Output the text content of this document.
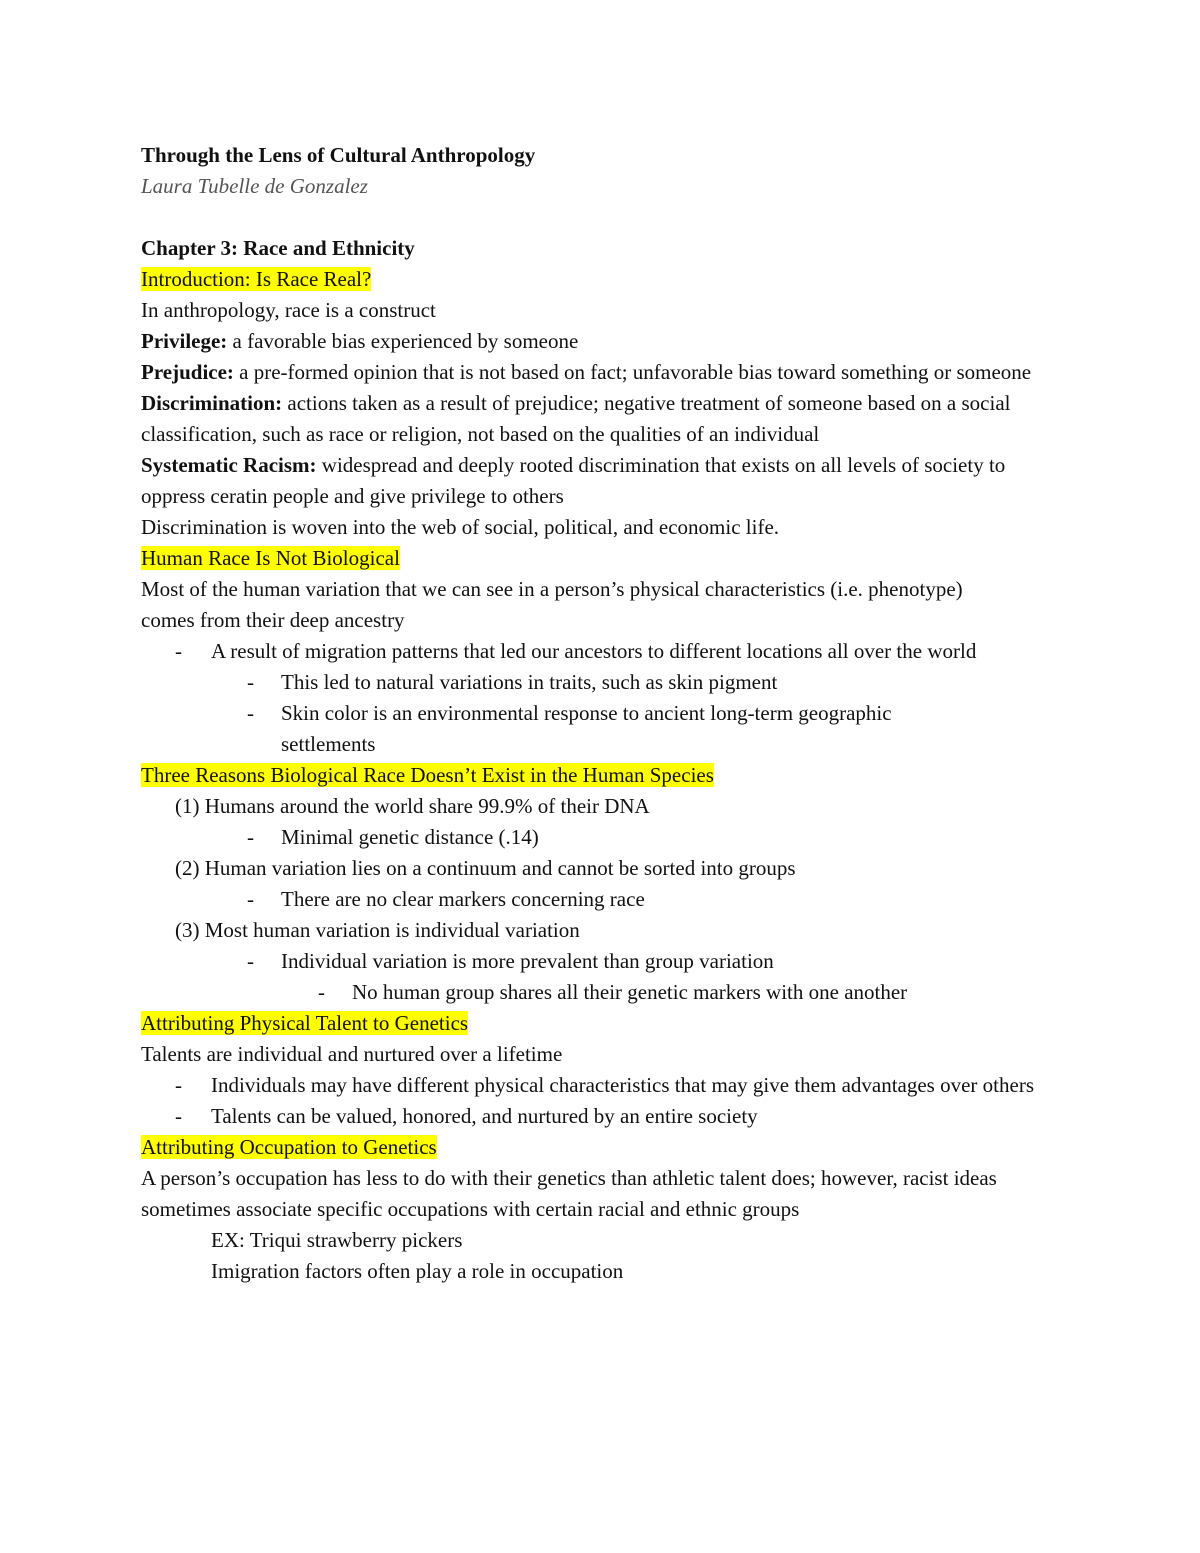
Through the Lens of Cultural Anthropology
Laura Tubelle de Gonzalez
Chapter 3: Race and Ethnicity
Introduction: Is Race Real?
In anthropology, race is a construct
Privilege: a favorable bias experienced by someone
Prejudice: a pre-formed opinion that is not based on fact; unfavorable bias toward something or someone
Discrimination: actions taken as a result of prejudice; negative treatment of someone based on a social classification, such as race or religion, not based on the qualities of an individual
Systematic Racism: widespread and deeply rooted discrimination that exists on all levels of society to oppress ceratin people and give privilege to others
Discrimination is woven into the web of social, political, and economic life.
Human Race Is Not Biological
Most of the human variation that we can see in a person’s physical characteristics (i.e. phenotype) comes from their deep ancestry
- A result of migration patterns that led our ancestors to different locations all over the world
- This led to natural variations in traits, such as skin pigment
- Skin color is an environmental response to ancient long-term geographic settlements
Three Reasons Biological Race Doesn’t Exist in the Human Species
(1) Humans around the world share 99.9% of their DNA
- Minimal genetic distance (.14)
(2) Human variation lies on a continuum and cannot be sorted into groups
- There are no clear markers concerning race
(3) Most human variation is individual variation
- Individual variation is more prevalent than group variation
- No human group shares all their genetic markers with one another
Attributing Physical Talent to Genetics
Talents are individual and nurtured over a lifetime
- Individuals may have different physical characteristics that may give them advantages over others
- Talents can be valued, honored, and nurtured by an entire society
Attributing Occupation to Genetics
A person’s occupation has less to do with their genetics than athletic talent does; however, racist ideas sometimes associate specific occupations with certain racial and ethnic groups
EX: Triqui strawberry pickers
Imigration factors often play a role in occupation
